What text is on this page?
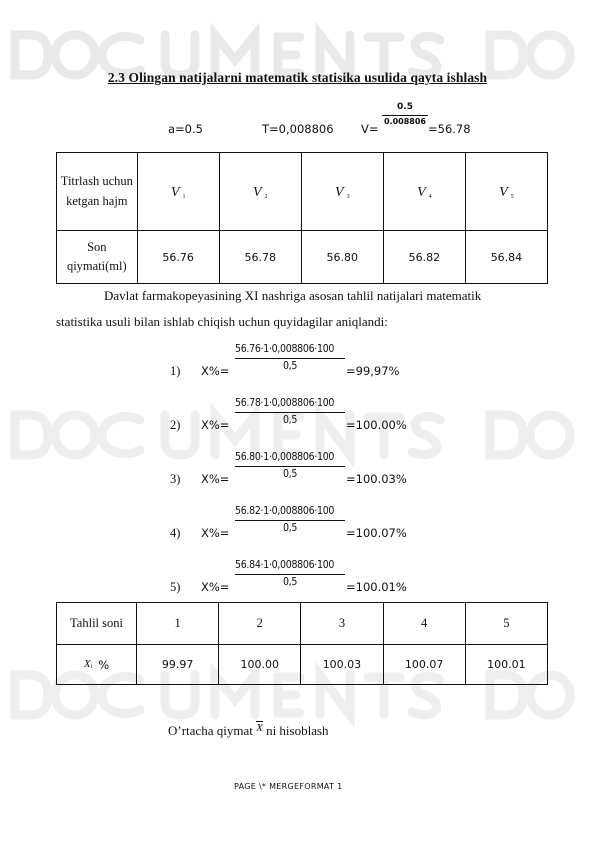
2.3 Olingan natijalarni matematik statisika usulida qayta ishlash
a=0.5	T=0,008806 V=
0.5
0.008806
=56.78
Titrlash uchun ketgan hajm	V 1	V 2	V 3	V 4	V 5
Son qiymati(ml)	56.76	56.78	56.80	56.82	56.84
Davlat farmakopeyasining XI nashriga asosan tahlil natijalari matematik
statistika usuli bilan ishlab chiqish uchun quyidagilar aniqlandi:
1) X%=
56.76·1·0,008806·100
0,5	=99,97%
2) X%=
56.78·1·0,008806·100
0,5	=100.00%
3) X%=
56.80·1·0,008806·100
0,5	=100.03%
4) X%=
56.82·1·0,008806·100
0,5	=100.07%
5) X%=
56.84·1·0,008806·100
0,5	=100.01%
Tahlil soni	1	2	3	4	5
Xi %	99.97	100.00	100.03	100.07	100.01
O’rtacha qiymat X ni hisoblash
PAGE \* MERGEFORMAT 1
